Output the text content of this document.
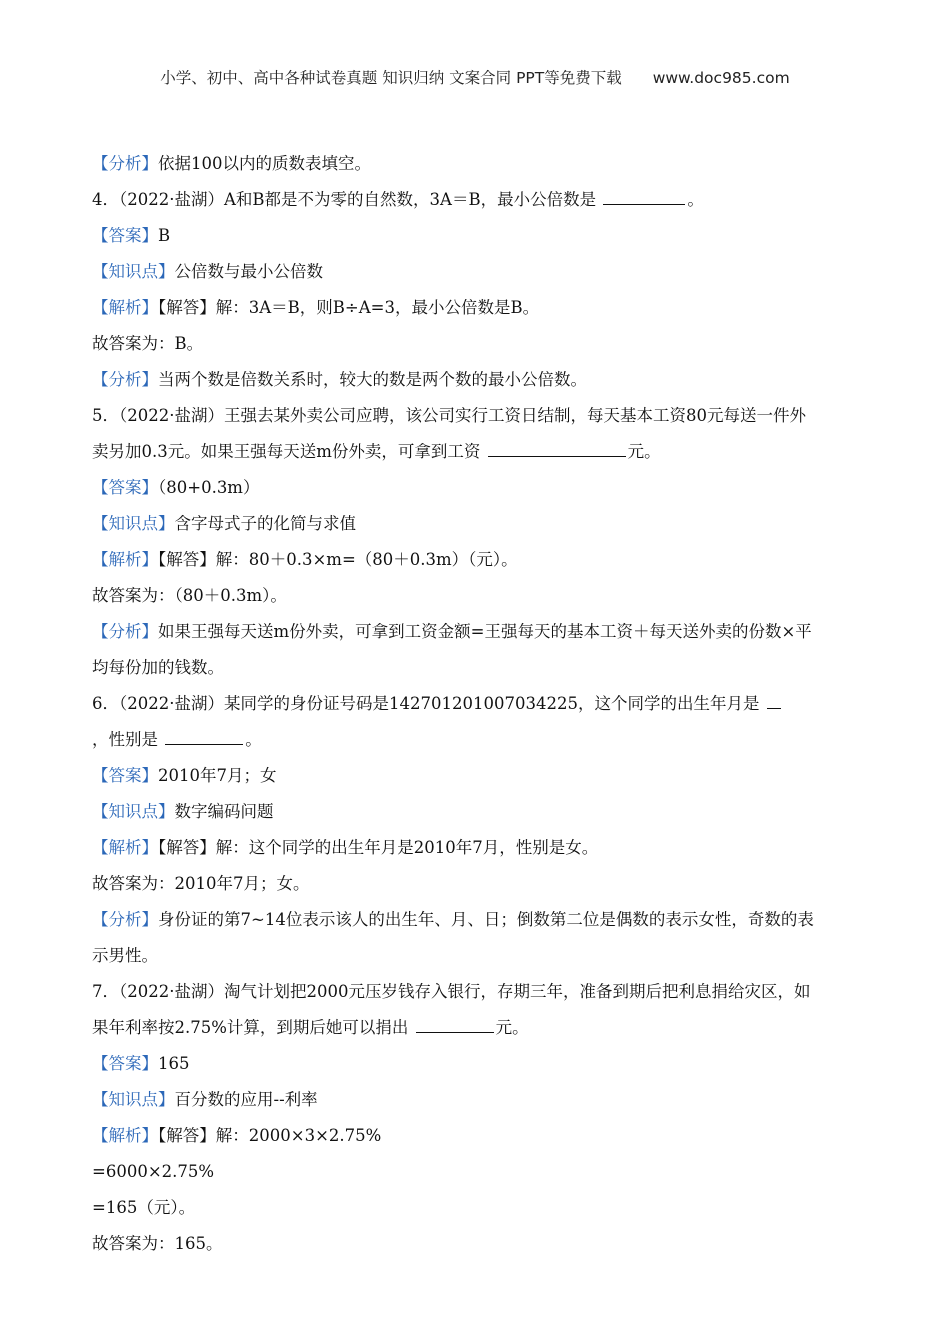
小学、初中、高中各种试卷真题 知识归纳 文案合同 PPT等免费下载 www.doc985.com
【分析】依据100以内的质数表填空。
4．（2022·盐湖）A和B都是不为零的自然数，3A＝B，最小公倍数是	。
【答案】B
【知识点】公倍数与最小公倍数
【解析】【解答】解：3A＝B，则B÷A=3，最小公倍数是B。
故答案为：B。
【分析】当两个数是倍数关系时，较大的数是两个数的最小公倍数。
5．（2022·盐湖）王强去某外卖公司应聘，该公司实行工资日结制，每天基本工资80元每送一件外
卖另加0.3元。如果王强每天送m份外卖，可拿到工资	元。
【答案】（80+0.3m）
【知识点】含字母式子的化简与求值
【解析】【解答】解：80＋0.3×m=（80＋0.3m）（元）。
故答案为：（80＋0.3m）。
【分析】如果王强每天送m份外卖，可拿到工资金额=王强每天的基本工资＋每天送外卖的份数×平
均每份加的钱数。
6．（2022·盐湖）某同学的身份证号码是142701201007034225，这个同学的出生年月是
，性别是	。
【答案】2010年7月；女
【知识点】数字编码问题
【解析】【解答】解：这个同学的出生年月是2010年7月，性别是女。
故答案为：2010年7月；女。
【分析】身份证的第7~14位表示该人的出生年、月、日；倒数第二位是偶数的表示女性，奇数的表
示男性。
7．（2022·盐湖）淘气计划把2000元压岁钱存入银行，存期三年，准备到期后把利息捐给灾区，如
果年利率按2.75%计算，到期后她可以捐出	元。
【答案】165
【知识点】百分数的应用--利率
【解析】【解答】解：2000×3×2.75%
=6000×2.75%
=165（元）。
故答案为：165。
